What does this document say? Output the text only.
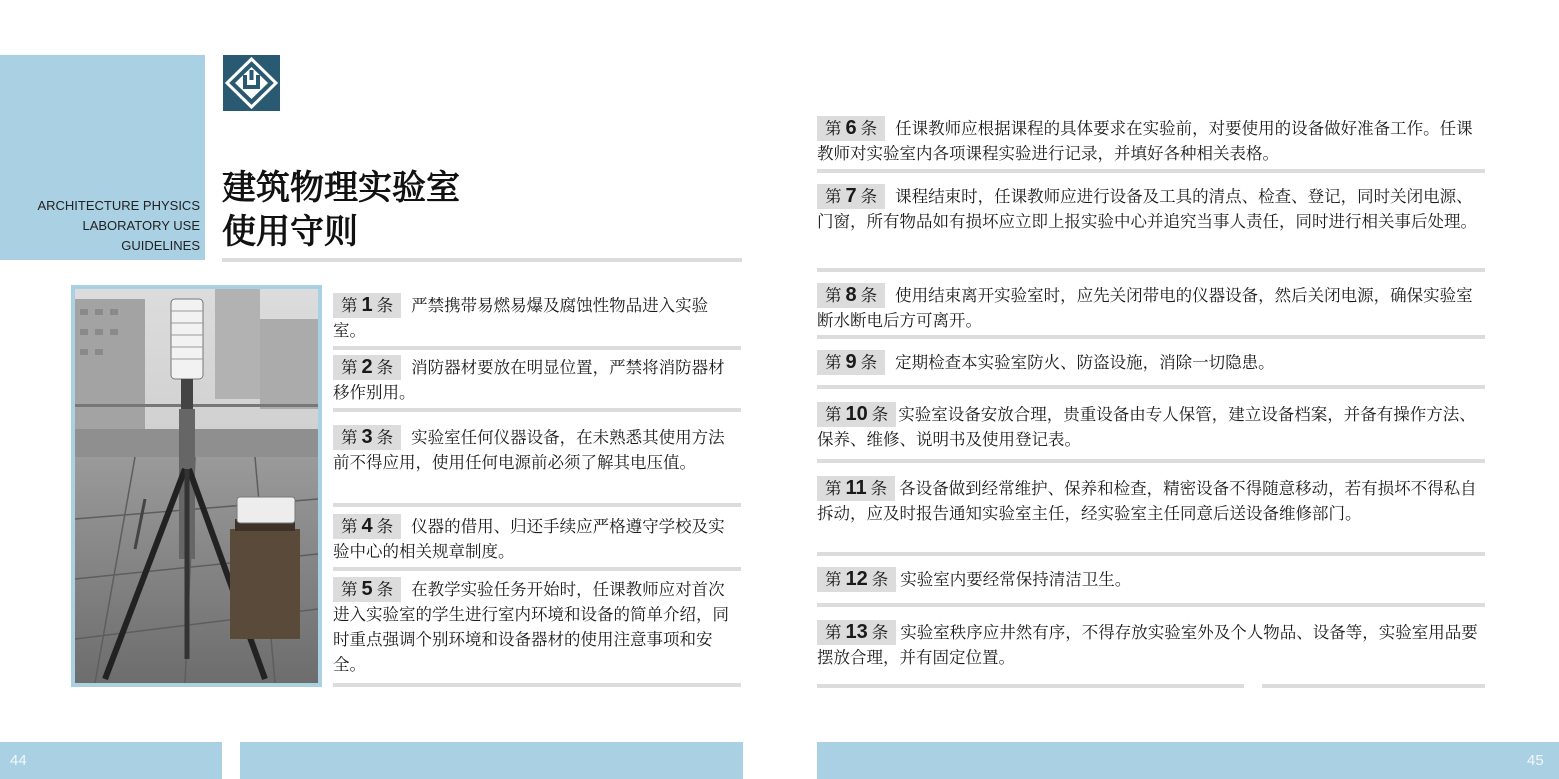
ARCHITECTURE PHYSICS
LABORATORY USE
GUIDELINES
建筑物理实验室
使用守则
第 1 条 严禁携带易燃易爆及腐蚀性物品进入实验室。
第 2 条 消防器材要放在明显位置，严禁将消防器材移作别用。
第 3 条 实验室任何仪器设备，在未熟悉其使用方法前不得应用，使用任何电源前必须了解其电压值。
第 4 条 仪器的借用、归还手续应严格遵守学校及实验中心的相关规章制度。
第 5 条 在教学实验任务开始时，任课教师应对首次进入实验室的学生进行室内环境和设备的简单介绍，同时重点强调个别环境和设备器材的使用注意事项和安全。
第 6 条 任课教师应根据课程的具体要求在实验前，对要使用的设备做好准备工作。任课教师对实验室内各项课程实验进行记录，并填好各种相关表格。
第 7 条 课程结束时，任课教师应进行设备及工具的清点、检查、登记，同时关闭电源、门窗，所有物品如有损坏应立即上报实验中心并追究当事人责任，同时进行相关事后处理。
第 8 条 使用结束离开实验室时，应先关闭带电的仪器设备，然后关闭电源，确保实验室断水断电后方可离开。
第 9 条 定期检查本实验室防火、防盗设施，消除一切隐患。
第 10 条 实验室设备安放合理，贵重设备由专人保管，建立设备档案，并备有操作方法、保养、维修、说明书及使用登记表。
第 11 条 各设备做到经常维护、保养和检查，精密设备不得随意移动，若有损坏不得私自拆动，应及时报告通知实验室主任，经实验室主任同意后送设备维修部门。
第 12 条 实验室内要经常保持清洁卫生。
第 13 条 实验室秩序应井然有序，不得存放实验室外及个人物品、设备等，实验室用品要摆放合理，并有固定位置。
44	45
